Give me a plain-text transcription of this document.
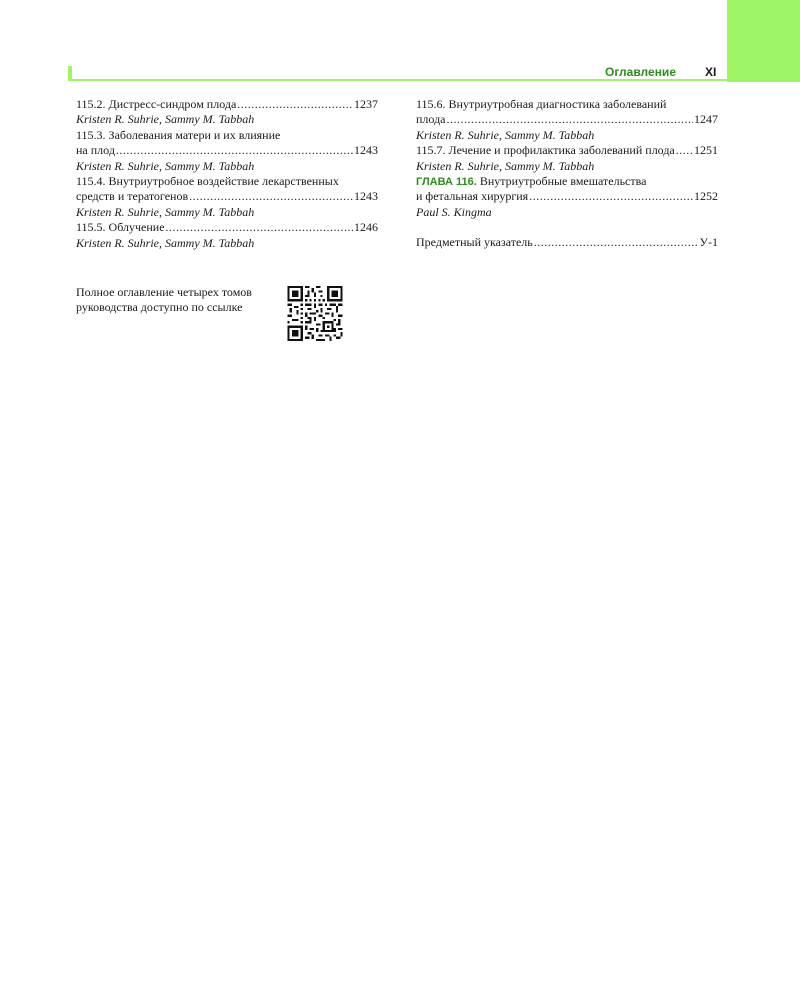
Оглавление XI
115.2. Дистресс-синдром плода .....	1237
Kristen R. Suhrie, Sammy M. Tabbah
115.3. Заболевания матери и их влияние
на плод .....	1243
Kristen R. Suhrie, Sammy M. Tabbah
115.4. Внутриутробное воздействие лекарственных
средств и тератогенов .....	1243
Kristen R. Suhrie, Sammy M. Tabbah
115.5. Облучение .....	1246
Kristen R. Suhrie, Sammy M. Tabbah
115.6. Внутриутробная диагностика заболеваний
плода .....	1247
Kristen R. Suhrie, Sammy M. Tabbah
115.7. Лечение и профилактика заболеваний плода ..... 1251
Kristen R. Suhrie, Sammy M. Tabbah
ГЛАВА 116. Внутриутробные вмешательства
и фетальная хирургия .....	1252
Paul S. Kingma
Предметный указатель .....	У-1
Полное оглавление четырех томов
руководства доступно по ссылке
